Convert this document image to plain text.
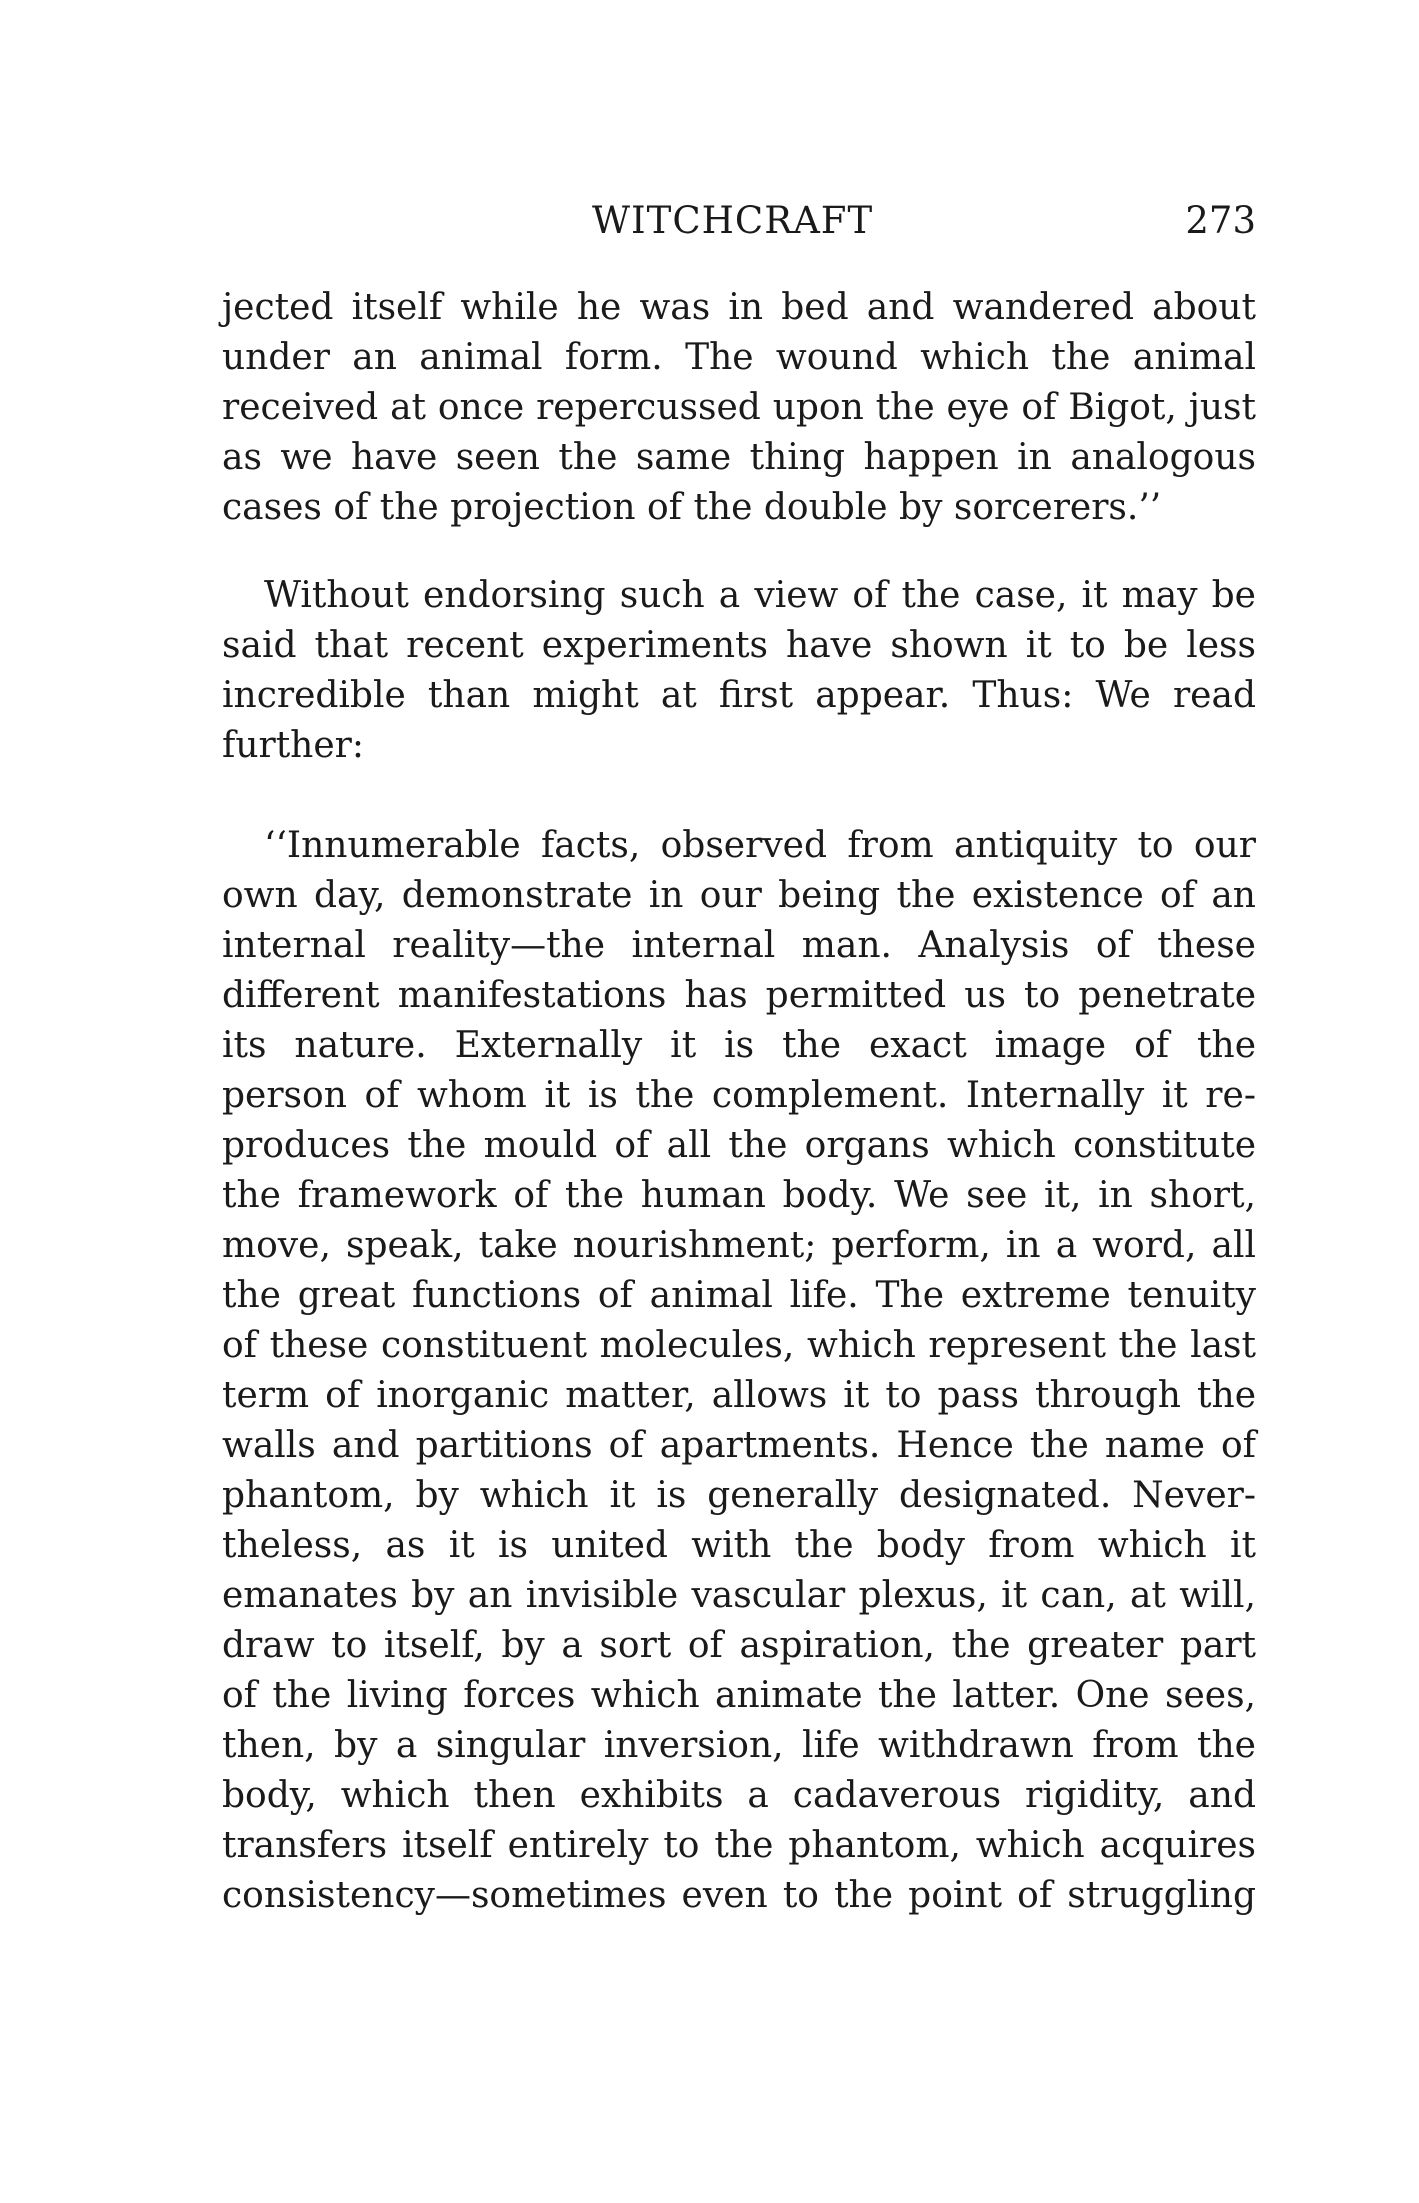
WITCHCRAFT	273
jected itself while he was in bed and wandered about
under an animal form. The wound which the animal
received at once repercussed upon the eye of Bigot, just
as we have seen the same thing happen in analogous
cases of the projection of the double by sorcerers.’’
Without endorsing such a view of the case, it may be
said that recent experiments have shown it to be less
incredible than might at first appear. Thus: We read
further:
‘‘Innumerable facts, observed from antiquity to our
own day, demonstrate in our being the existence of an
internal reality—the internal man. Analysis of these
different manifestations has permitted us to penetrate
its nature. Externally it is the exact image of the
person of whom it is the complement. Internally it re-
produces the mould of all the organs which constitute
the framework of the human body. We see it, in short,
move, speak, take nourishment; perform, in a word, all
the great functions of animal life. The extreme tenuity
of these constituent molecules, which represent the last
term of inorganic matter, allows it to pass through the
walls and partitions of apartments. Hence the name of
phantom, by which it is generally designated. Never-
theless, as it is united with the body from which it
emanates by an invisible vascular plexus, it can, at will,
draw to itself, by a sort of aspiration, the greater part
of the living forces which animate the latter. One sees,
then, by a singular inversion, life withdrawn from the
body, which then exhibits a cadaverous rigidity, and
transfers itself entirely to the phantom, which acquires
consistency—sometimes even to the point of struggling
